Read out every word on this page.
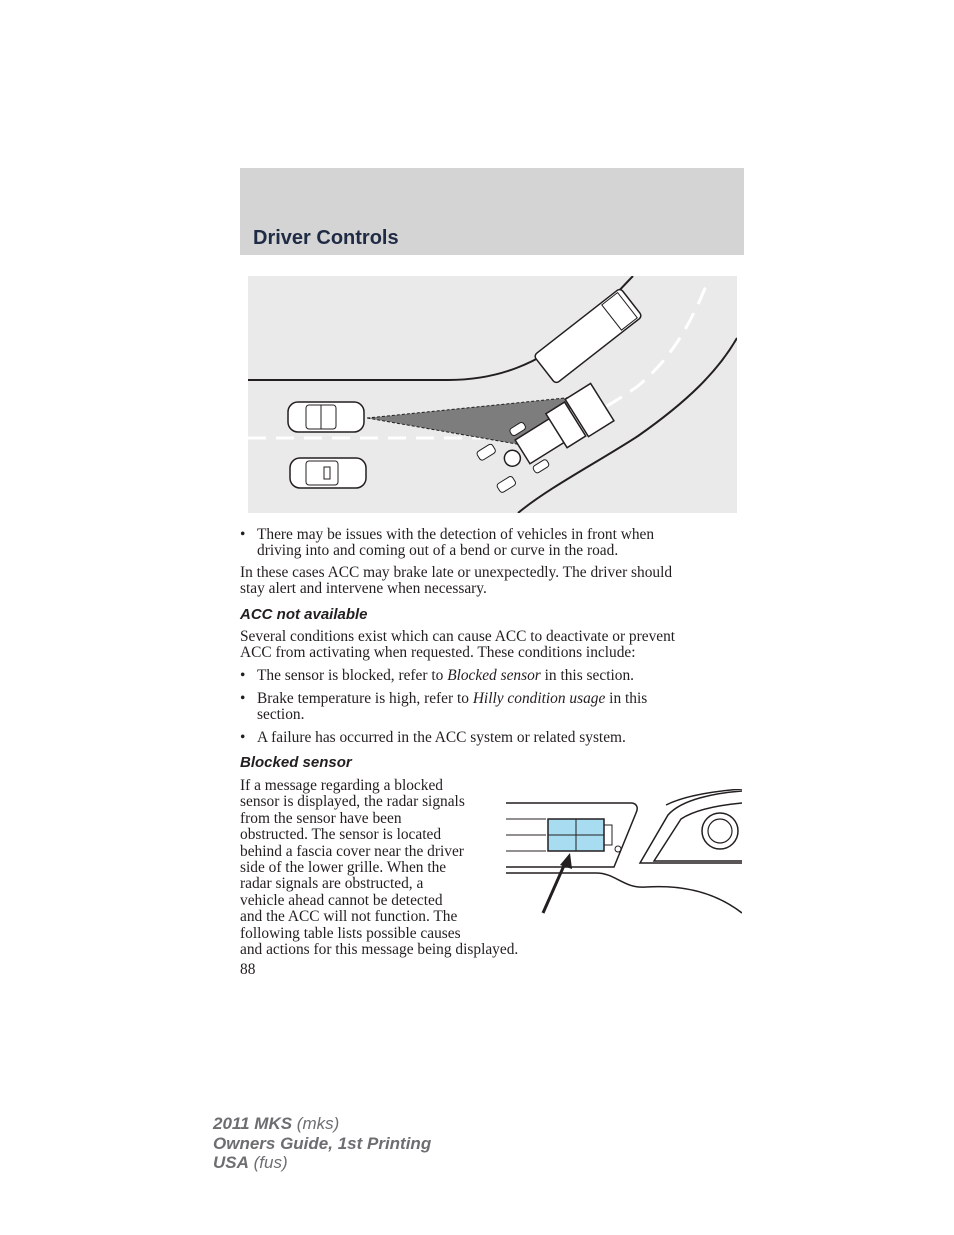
Driver Controls
• There may be issues with the detection of vehicles in front when
driving into and coming out of a bend or curve in the road.
In these cases ACC may brake late or unexpectedly. The driver should
stay alert and intervene when necessary.
ACC not available
Several conditions exist which can cause ACC to deactivate or prevent
ACC from activating when requested. These conditions include:
• The sensor is blocked, refer to Blocked sensor in this section.
• Brake temperature is high, refer to Hilly condition usage in this
section.
• A failure has occurred in the ACC system or related system.
Blocked sensor
If a message regarding a blocked
sensor is displayed, the radar signals
from the sensor have been
obstructed. The sensor is located
behind a fascia cover near the driver
side of the lower grille. When the
radar signals are obstructed, a
vehicle ahead cannot be detected
and the ACC will not function. The
following table lists possible causes
and actions for this message being displayed.
88
2011 MKS (mks)
Owners Guide, 1st Printing
USA (fus)
